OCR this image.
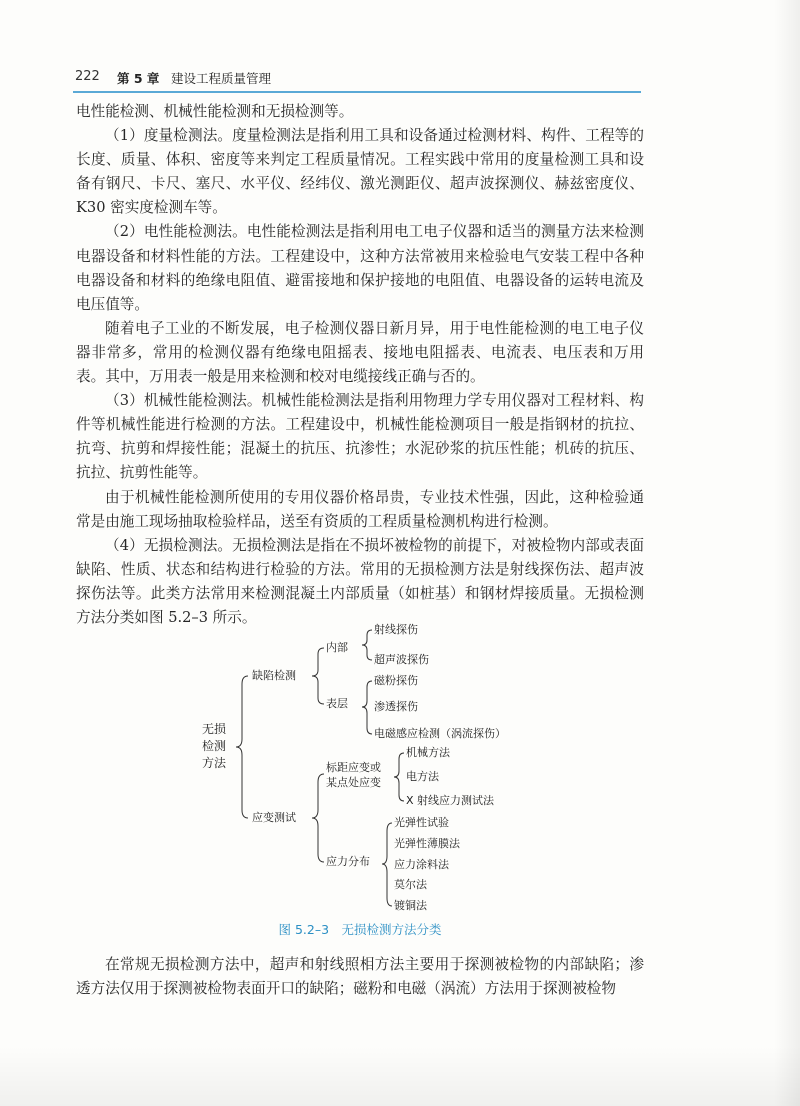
222 第 5 章 建设工程质量管理

电性能检测、机械性能检测和无损检测等。

（1）度量检测法。度量检测法是指利用工具和设备通过检测材料、构件、工程等的长度、质量、体积、密度等来判定工程质量情况。工程实践中常用的度量检测工具和设备有钢尺、卡尺、塞尺、水平仪、经纬仪、激光测距仪、超声波探测仪、赫兹密度仪、K30 密实度检测车等。

（2）电性能检测法。电性能检测法是指利用电工电子仪器和适当的测量方法来检测电器设备和材料性能的方法。工程建设中，这种方法常被用来检验电气安装工程中各种电器设备和材料的绝缘电阻值、避雷接地和保护接地的电阻值、电器设备的运转电流及电压值等。

随着电子工业的不断发展，电子检测仪器日新月异，用于电性能检测的电工电子仪器非常多，常用的检测仪器有绝缘电阻摇表、接地电阻摇表、电流表、电压表和万用表。其中，万用表一般是用来检测和校对电缆接线正确与否的。

（3）机械性能检测法。机械性能检测法是指利用物理力学专用仪器对工程材料、构件等机械性能进行检测的方法。工程建设中，机械性能检测项目一般是指钢材的抗拉、抗弯、抗剪和焊接性能；混凝土的抗压、抗渗性；水泥砂浆的抗压性能；机砖的抗压、抗拉、抗剪性能等。

由于机械性能检测所使用的专用仪器价格昂贵，专业技术性强，因此，这种检验通常是由施工现场抽取检验样品，送至有资质的工程质量检测机构进行检测。

（4）无损检测法。无损检测法是指在不损坏被检物的前提下，对被检物内部或表面缺陷、性质、状态和结构进行检验的方法。常用的无损检测方法是射线探伤法、超声波探伤法等。此类方法常用来检测混凝土内部质量（如桩基）和钢材焊接质量。无损检测方法分类如图 5.2–3 所示。

无损检测方法
缺陷检测
内部
射线探伤
超声波探伤
表层
磁粉探伤
渗透探伤
电磁感应检测（涡流探伤）
应变测试
标距应变或某点处应变
机械方法
电方法
X 射线应力测试法
应力分布
光弹性试验
光弹性薄膜法
应力涂料法
莫尔法
镀铜法
图 5.2–3　无损检测方法分类

在常规无损检测方法中，超声和射线照相方法主要用于探测被检物的内部缺陷；渗透方法仅用于探测被检物表面开口的缺陷；磁粉和电磁（涡流）方法用于探测被检物
